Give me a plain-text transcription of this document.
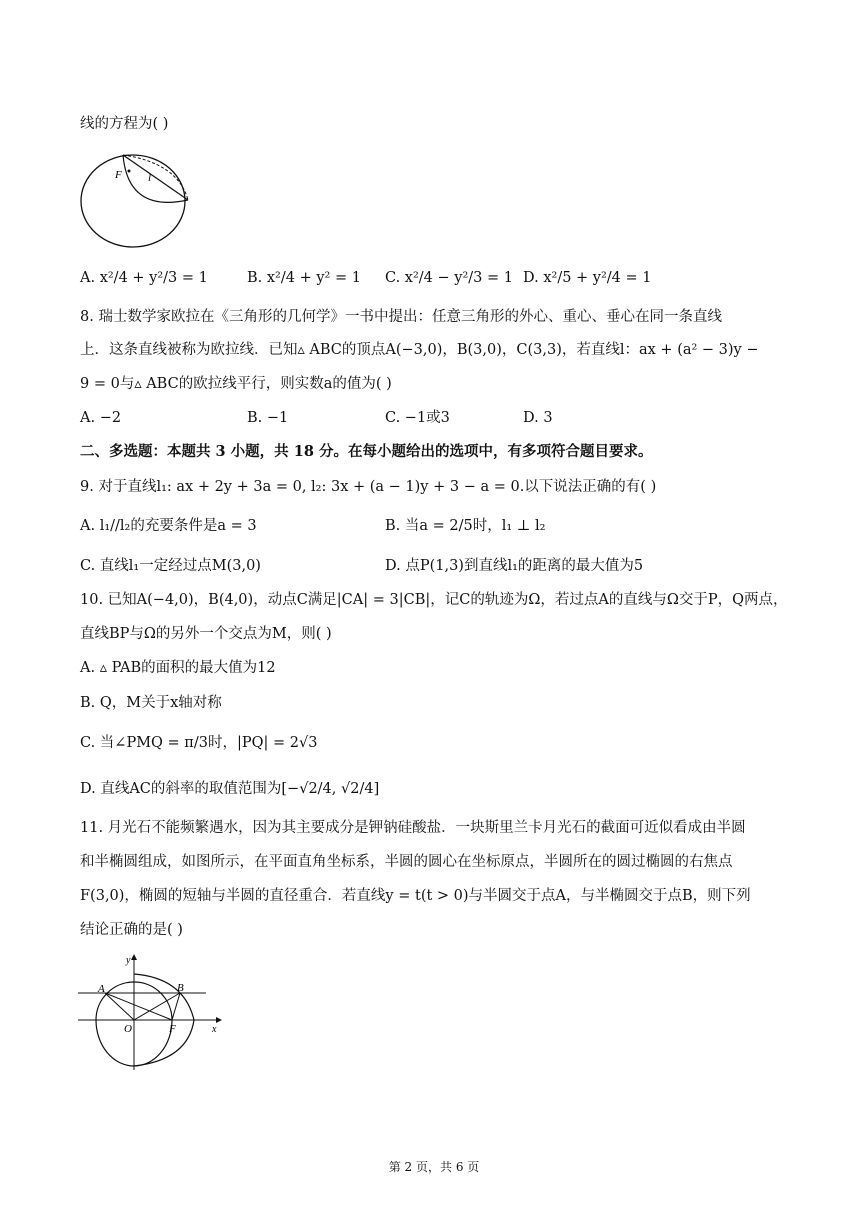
线的方程为( )
F l
A. x²/4 + y²/3 = 1	B. x²/4 + y² = 1 C. x²/4 − y²/3 = 1 D. x²/5 + y²/4 = 1
8. 瑞士数学家欧拉在《三角形的几何学》一书中提出：任意三角形的外心、重心、垂心在同一条直线
上．这条直线被称为欧拉线．已知▵ ABC的顶点A(−3,0)，B(3,0)，C(3,3)，若直线l：ax + (a² − 3)y −
9 = 0与▵ ABC的欧拉线平行，则实数a的值为( )
A. −2	B. −1	C. −1或3	D. 3
二、多选题：本题共 3 小题，共 18 分。在每小题给出的选项中，有多项符合题目要求。
9. 对于直线l₁: ax + 2y + 3a = 0, l₂: 3x + (a − 1)y + 3 − a = 0.以下说法正确的有( )
A. l₁//l₂的充要条件是a = 3	B. 当a = 2/5时，l₁ ⊥ l₂
C. 直线l₁一定经过点M(3,0)	D. 点P(1,3)到直线l₁的距离的最大值为5
10. 已知A(−4,0)，B(4,0)，动点C满足|CA| = 3|CB|，记C的轨迹为Ω，若过点A的直线与Ω交于P，Q两点，
直线BP与Ω的另外一个交点为M，则( )
A. ▵ PAB的面积的最大值为12
B. Q，M关于x轴对称
C. 当∠PMQ = π/3时，|PQ| = 2√3
D. 直线AC的斜率的取值范围为[−√2/4, √2/4]
11. 月光石不能频繁遇水，因为其主要成分是钾钠硅酸盐．一块斯里兰卡月光石的截面可近似看成由半圆
和半椭圆组成，如图所示，在平面直角坐标系，半圆的圆心在坐标原点，半圆所在的圆过椭圆的右焦点
F(3,0)，椭圆的短轴与半圆的直径重合．若直线y = t(t > 0)与半圆交于点A，与半椭圆交于点B，则下列
结论正确的是( )
y
x
A	B
O	F
第 2 页，共 6 页
